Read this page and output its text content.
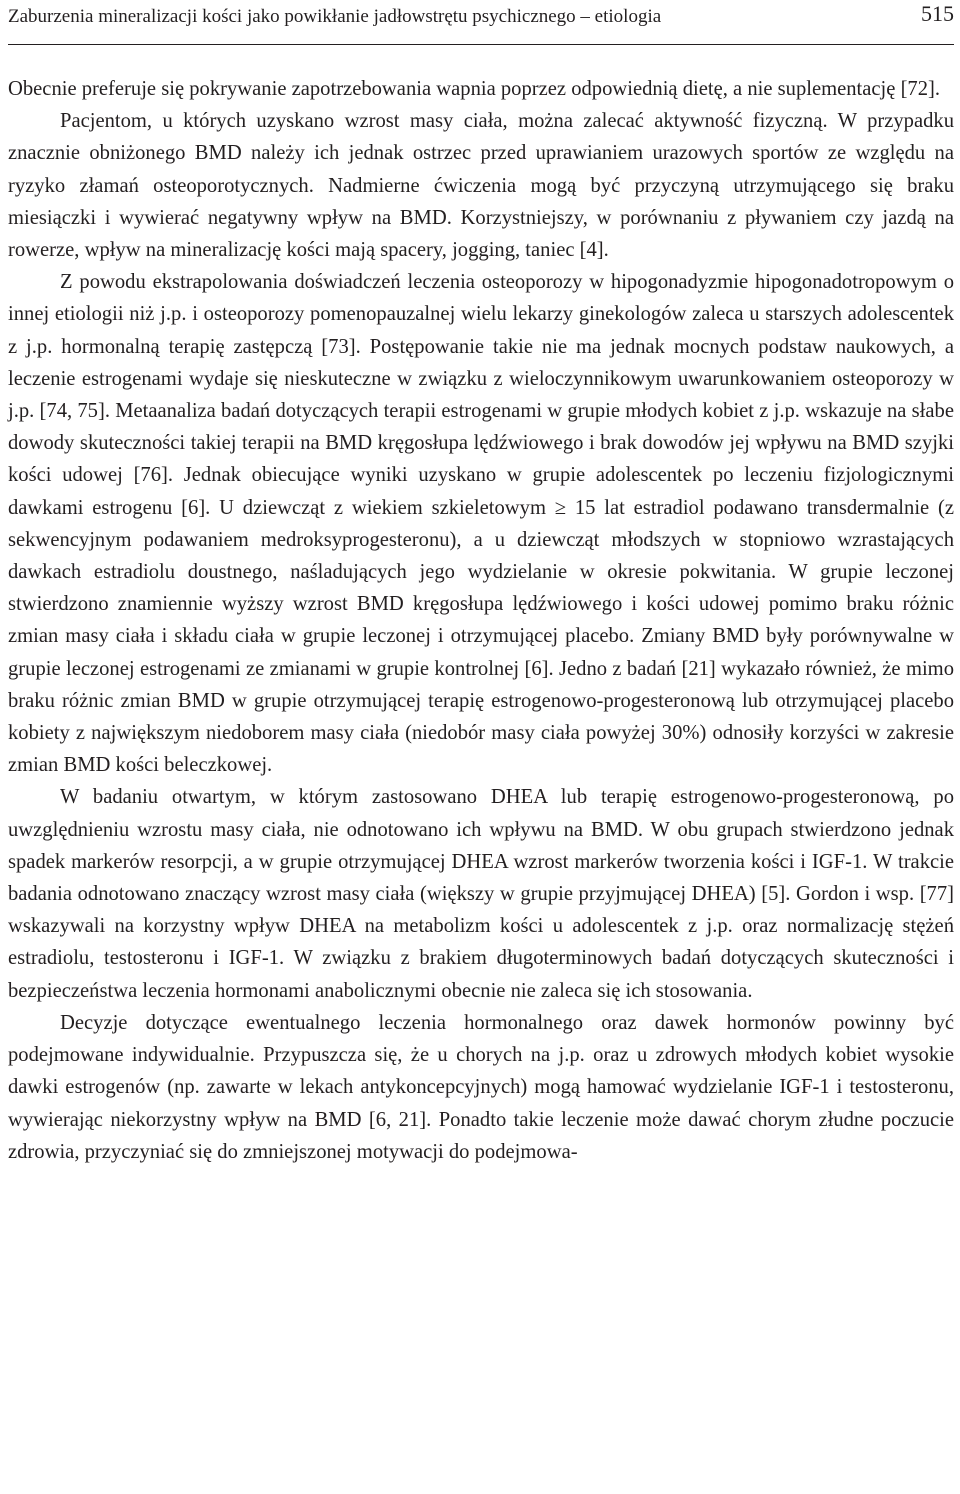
Zaburzenia mineralizacji kości jako powikłanie jadłowstrętu psychicznego – etiologia	515

Obecnie preferuje się pokrywanie zapotrzebowania wapnia poprzez odpowiednią dietę, a nie suplementację [72].

Pacjentom, u których uzyskano wzrost masy ciała, można zalecać aktywność fizyczną. W przypadku znacznie obniżonego BMD należy ich jednak ostrzec przed uprawianiem urazowych sportów ze względu na ryzyko złamań osteoporotycznych. Nadmierne ćwiczenia mogą być przyczyną utrzymującego się braku miesiączki i wywierać negatywny wpływ na BMD. Korzystniejszy, w porównaniu z pływaniem czy jazdą na rowerze, wpływ na mineralizację kości mają spacery, jogging, taniec [4].

Z powodu ekstrapolowania doświadczeń leczenia osteoporozy w hipogonadyzmie hipogonadotropowym o innej etiologii niż j.p. i osteoporozy pomenopauzalnej wielu lekarzy ginekologów zaleca u starszych adolescentek z j.p. hormonalną terapię zastępczą [73]. Postępowanie takie nie ma jednak mocnych podstaw naukowych, a leczenie estrogenami wydaje się nieskuteczne w związku z wieloczynnikowym uwarunkowaniem osteoporozy w j.p. [74, 75]. Metaanaliza badań dotyczących terapii estrogenami w grupie młodych kobiet z j.p. wskazuje na słabe dowody skuteczności takiej terapii na BMD kręgosłupa lędźwiowego i brak dowodów jej wpływu na BMD szyjki kości udowej [76]. Jednak obiecujące wyniki uzyskano w grupie adolescentek po leczeniu fizjologicznymi dawkami estrogenu [6]. U dziewcząt z wiekiem szkieletowym ≥ 15 lat estradiol podawano transdermalnie (z sekwencyjnym podawaniem medroksyprogesteronu), a u dziewcząt młodszych w stopniowo wzrastających dawkach estradiolu doustnego, naśladujących jego wydzielanie w okresie pokwitania. W grupie leczonej stwierdzono znamiennie wyższy wzrost BMD kręgosłupa lędźwiowego i kości udowej pomimo braku różnic zmian masy ciała i składu ciała w grupie leczonej i otrzymującej placebo. Zmiany BMD były porównywalne w grupie leczonej estrogenami ze zmianami w grupie kontrolnej [6]. Jedno z badań [21] wykazało również, że mimo braku różnic zmian BMD w grupie otrzymującej terapię estrogenowo-progesteronową lub otrzymującej placebo kobiety z największym niedoborem masy ciała (niedobór masy ciała powyżej 30%) odnosiły korzyści w zakresie zmian BMD kości beleczkowej.

W badaniu otwartym, w którym zastosowano DHEA lub terapię estrogenowo-progesteronową, po uwzględnieniu wzrostu masy ciała, nie odnotowano ich wpływu na BMD. W obu grupach stwierdzono jednak spadek markerów resorpcji, a w grupie otrzymującej DHEA wzrost markerów tworzenia kości i IGF-1. W trakcie badania odnotowano znaczący wzrost masy ciała (większy w grupie przyjmującej DHEA) [5]. Gordon i wsp. [77] wskazywali na korzystny wpływ DHEA na metabolizm kości u adolescentek z j.p. oraz normalizację stężeń estradiolu, testosteronu i IGF-1. W związku z brakiem długoterminowych badań dotyczących skuteczności i bezpieczeństwa leczenia hormonami anabolicznymi obecnie nie zaleca się ich stosowania.

Decyzje dotyczące ewentualnego leczenia hormonalnego oraz dawek hormonów powinny być podejmowane indywidualnie. Przypuszcza się, że u chorych na j.p. oraz u zdrowych młodych kobiet wysokie dawki estrogenów (np. zawarte w lekach antykoncepcyjnych) mogą hamować wydzielanie IGF-1 i testosteronu, wywierając niekorzystny wpływ na BMD [6, 21]. Ponadto takie leczenie może dawać chorym złudne poczucie zdrowia, przyczyniać się do zmniejszonej motywacji do podejmowa-
